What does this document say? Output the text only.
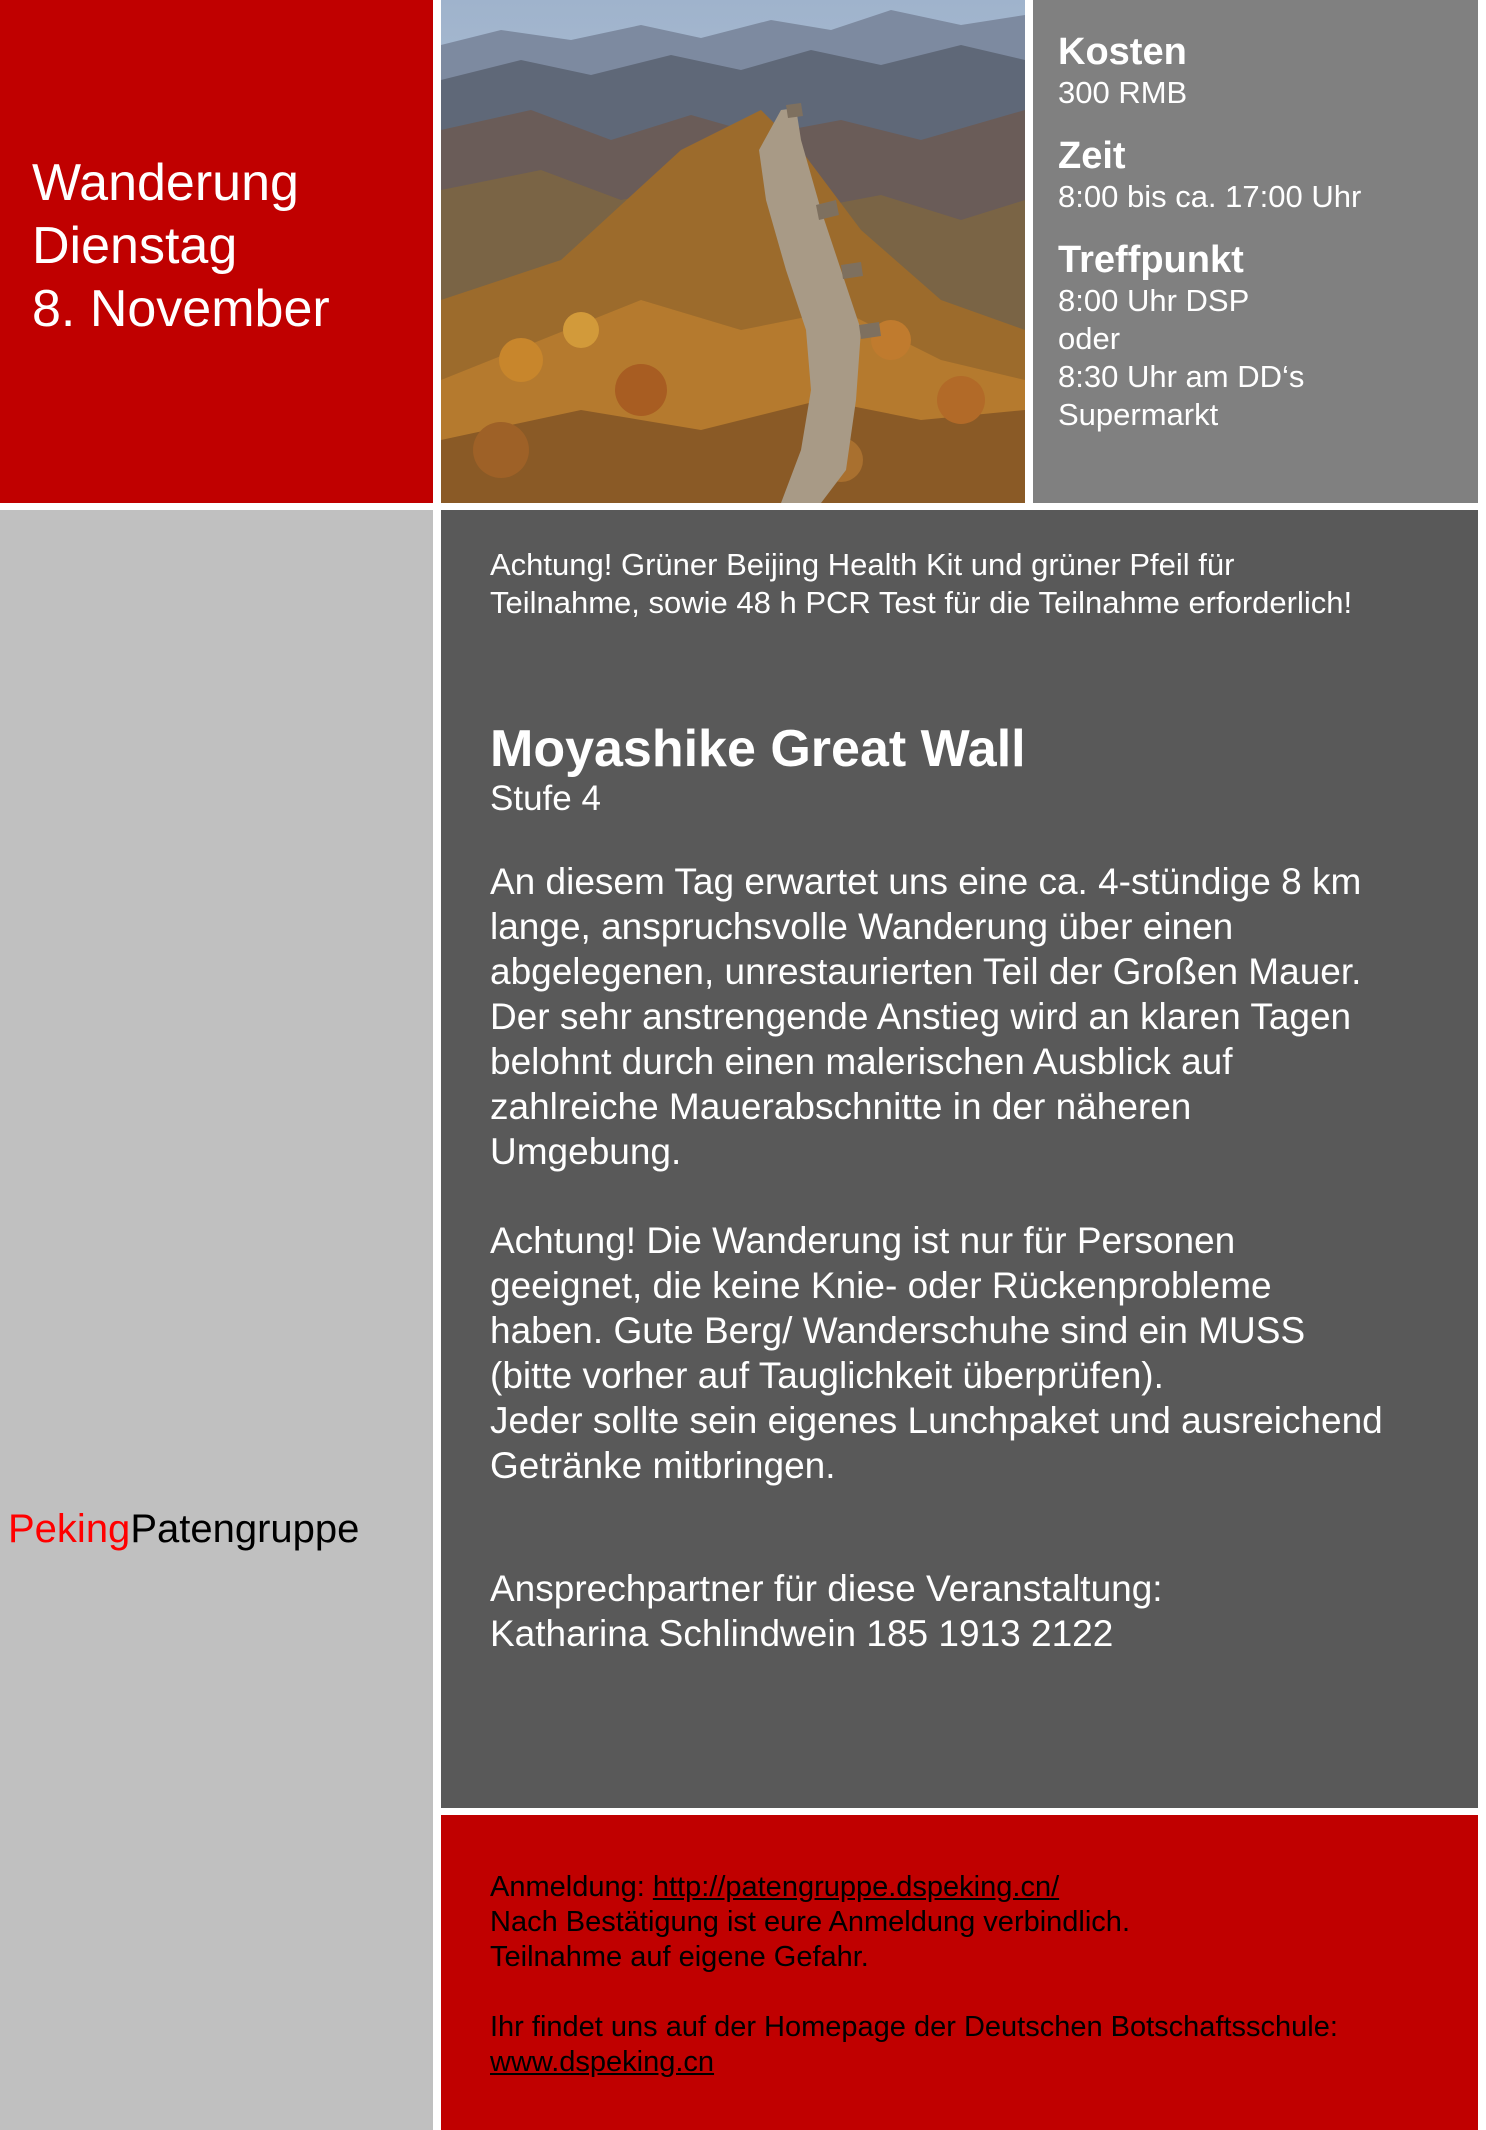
Wanderung
Dienstag
8. November
Kosten
300 RMB
Zeit
8:00 bis ca. 17:00 Uhr
Treffpunkt
8:00 Uhr DSP
oder
8:30 Uhr am DD‘s
Supermarkt
PekingPatengruppe
Achtung! Grüner Beijing Health Kit und grüner Pfeil für
Teilnahme, sowie 48 h PCR Test für die Teilnahme erforderlich!
Moyashike Great Wall
Stufe 4
An diesem Tag erwartet uns eine ca. 4-stündige 8 km
lange, anspruchsvolle Wanderung über einen
abgelegenen, unrestaurierten Teil der Großen Mauer.
Der sehr anstrengende Anstieg wird an klaren Tagen
belohnt durch einen malerischen Ausblick auf
zahlreiche Mauerabschnitte in der näheren
Umgebung.
Achtung! Die Wanderung ist nur für Personen
geeignet, die keine Knie- oder Rückenprobleme
haben. Gute Berg/ Wanderschuhe sind ein MUSS
(bitte vorher auf Tauglichkeit überprüfen).
Jeder sollte sein eigenes Lunchpaket und ausreichend
Getränke mitbringen.
Ansprechpartner für diese Veranstaltung:
Katharina Schlindwein 185 1913 2122
Anmeldung: http://patengruppe.dspeking.cn/
Nach Bestätigung ist eure Anmeldung verbindlich.
Teilnahme auf eigene Gefahr.
Ihr findet uns auf der Homepage der Deutschen Botschaftsschule:
www.dspeking.cn
